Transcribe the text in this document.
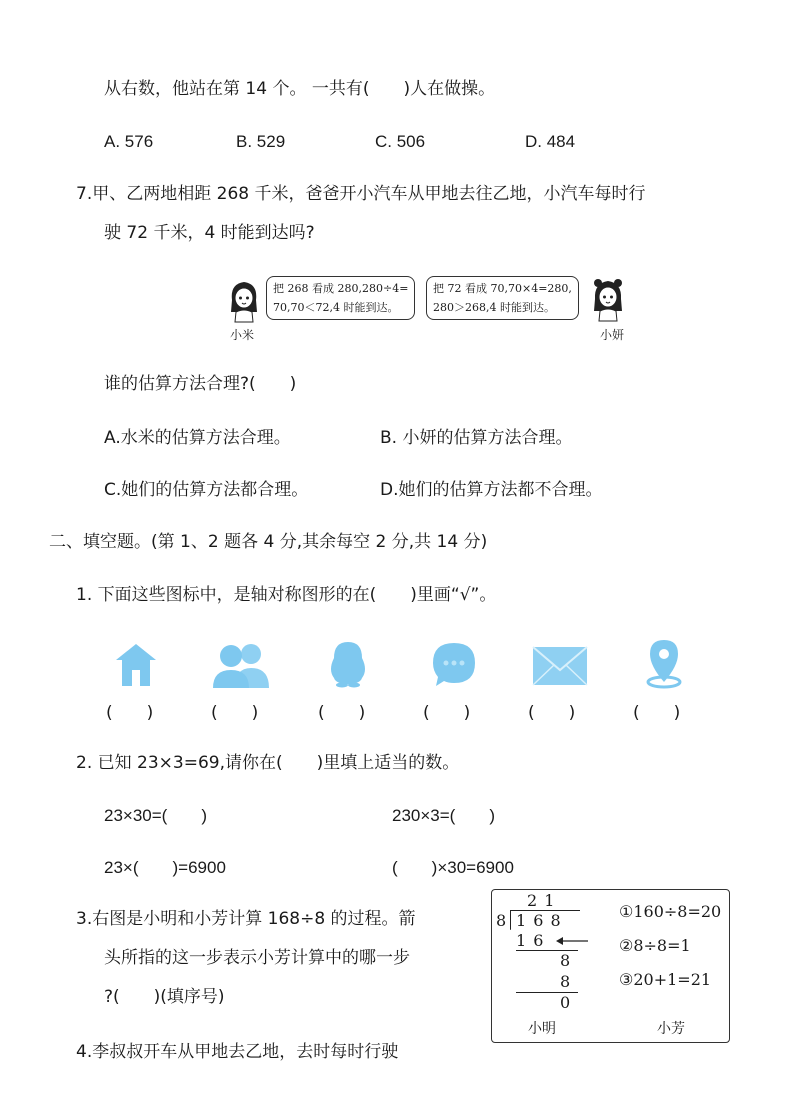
从右数，他站在第 14 个。 一共有(　　)人在做操。
A. 576	B. 529	C. 506	D. 484
7.甲、乙两地相距 268 千米，爸爸开小汽车从甲地去往乙地，小汽车每时行
驶 72 千米，4 时能到达吗?
小米
把 268 看成 280,280÷4=
70,70＜72,4 时能到达。
把 72 看成 70,70×4=280,
280＞268,4 时能到达。
小妍
谁的估算方法合理?(　　)
A.水米的估算方法合理。	B. 小妍的估算方法合理。
C.她们的估算方法都合理。	D.她们的估算方法都不合理。
二、填空题。(第 1、2 题各 4 分,其余每空 2 分,共 14 分)
1. 下面这些图标中，是轴对称图形的在(　　)里画“√”。
(　　)	(　　)	(　　)	(　　)	(　　)	(　　)
2. 已知 23×3=69,请你在(　　)里填上适当的数。
23×30=(　　)	230×3=(　　)
23×(　　)=6900	(　　)×30=6900
3.右图是小明和小芳计算 168÷8 的过程。箭
头所指的这一步表示小芳计算中的哪一步
?(　　)(填序号)
2 1
8 1 6 8
1 6
8
8
0
①160÷8=20
②8÷8=1
③20+1=21
小明	小芳
4.李叔叔开车从甲地去乙地，去时每时行驶
